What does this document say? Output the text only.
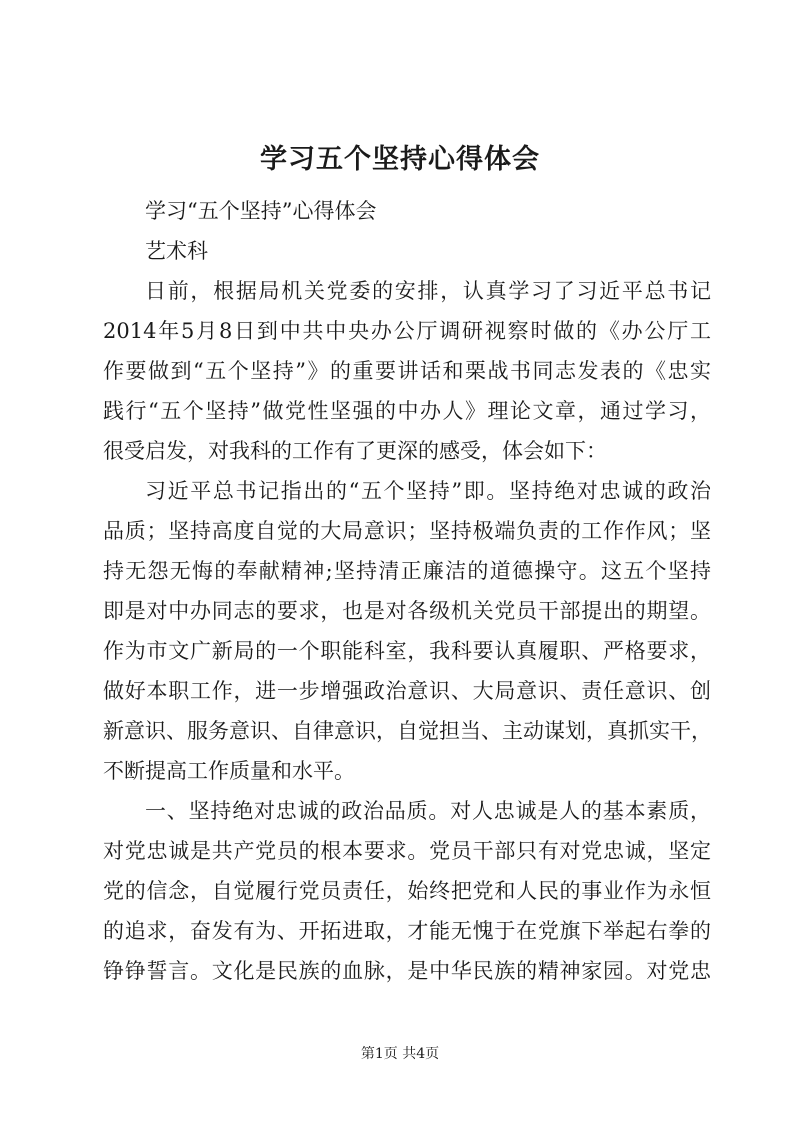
学习五个坚持心得体会
学习“五个坚持”心得体会
艺术科
日前，根据局机关党委的安排，认真学习了习近平总书记
2014年5月8日到中共中央办公厅调研视察时做的《办公厅工
作要做到“五个坚持”》的重要讲话和栗战书同志发表的《忠实
践行“五个坚持”做党性坚强的中办人》理论文章，通过学习，
很受启发，对我科的工作有了更深的感受，体会如下：
习近平总书记指出的“五个坚持”即。坚持绝对忠诚的政治
品质；坚持高度自觉的大局意识；坚持极端负责的工作作风；坚
持无怨无悔的奉献精神;坚持清正廉洁的道德操守。这五个坚持
即是对中办同志的要求，也是对各级机关党员干部提出的期望。
作为市文广新局的一个职能科室，我科要认真履职、严格要求，
做好本职工作，进一步增强政治意识、大局意识、责任意识、创
新意识、服务意识、自律意识，自觉担当、主动谋划，真抓实干，
不断提高工作质量和水平。
一、坚持绝对忠诚的政治品质。对人忠诚是人的基本素质，
对党忠诚是共产党员的根本要求。党员干部只有对党忠诚，坚定
党的信念，自觉履行党员责任，始终把党和人民的事业作为永恒
的追求，奋发有为、开拓进取，才能无愧于在党旗下举起右拳的
铮铮誓言。文化是民族的血脉，是中华民族的精神家园。对党忠
第1页 共4页
